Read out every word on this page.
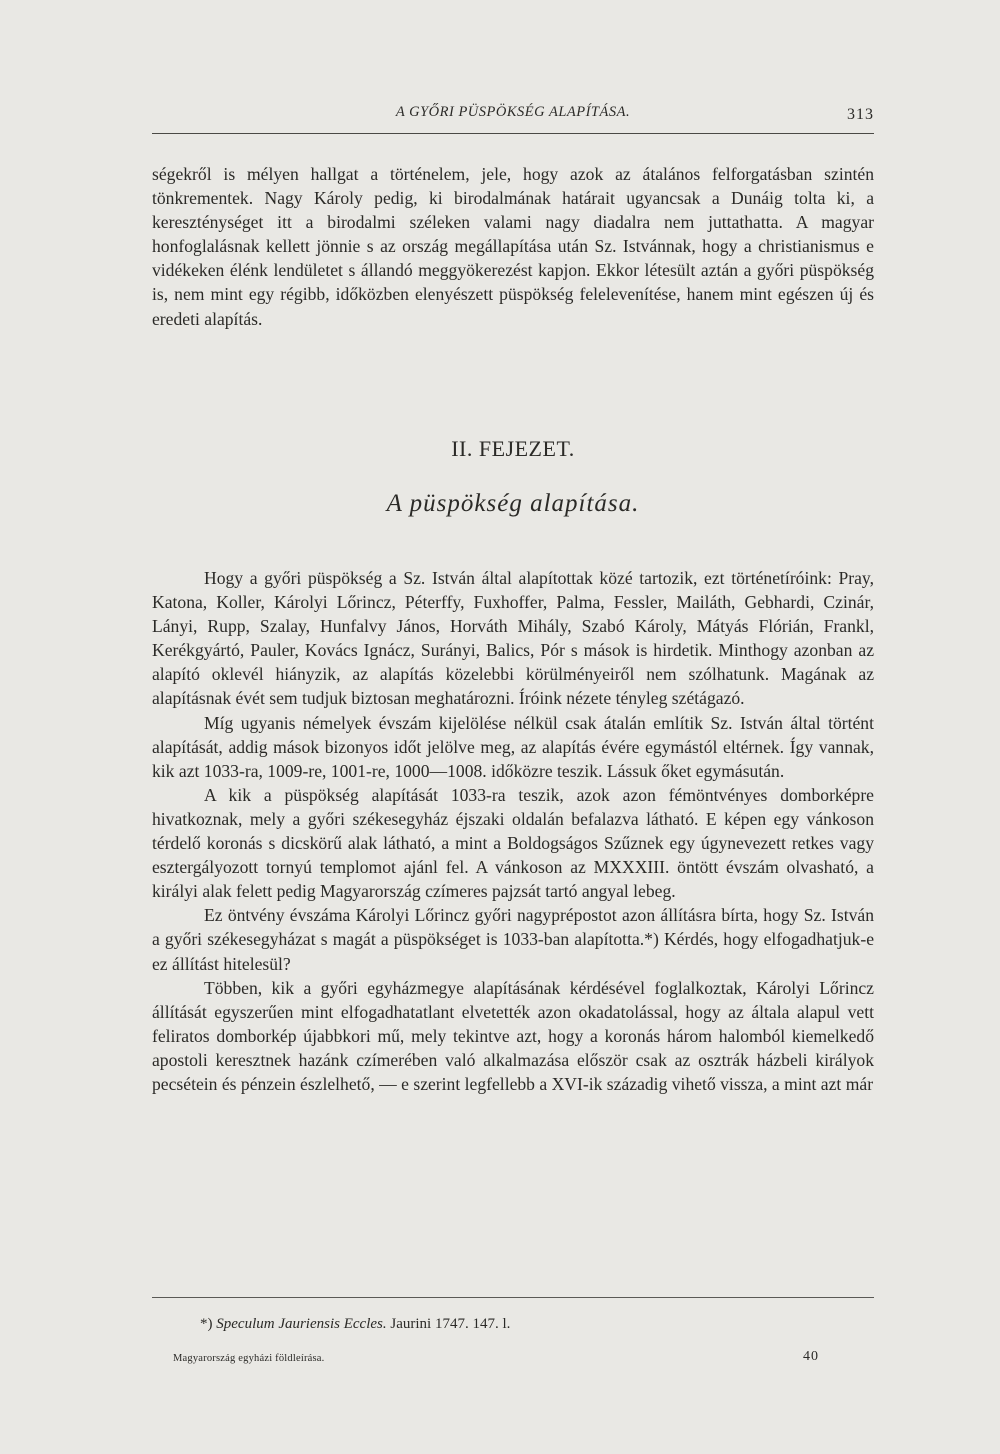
A GYŐRI PÜSPÖKSÉG ALAPÍTÁSA.	313

ségekről is mélyen hallgat a történelem, jele, hogy azok az átalános felforgatásban szintén tönkrementek. Nagy Károly pedig, ki birodalmának határait ugyancsak a Dunáig tolta ki, a kereszténységet itt a birodalmi széleken valami nagy diadalra nem juttathatta. A magyar honfoglalásnak kellett jönnie s az ország megállapítása után Sz. Istvánnak, hogy a christianismus e vidékeken élénk lendületet s állandó meggyökerezést kapjon. Ekkor létesült aztán a győri püspökség is, nem mint egy régibb, időközben elenyészett püspökség felelevenítése, hanem mint egészen új és eredeti alapítás.

II. FEJEZET.
A püspökség alapítása.

Hogy a győri püspökség a Sz. István által alapítottak közé tartozik, ezt történetíróink: Pray, Katona, Koller, Károlyi Lőrincz, Péterffy, Fuxhoffer, Palma, Fessler, Mailáth, Gebhardi, Czinár, Lányi, Rupp, Szalay, Hunfalvy János, Horváth Mihály, Szabó Károly, Mátyás Flórián, Frankl, Kerékgyártó, Pauler, Kovács Ignácz, Surányi, Balics, Pór s mások is hirdetik. Minthogy azonban az alapító oklevél hiányzik, az alapítás közelebbi körülményeiről nem szólhatunk. Magának az alapításnak évét sem tudjuk biztosan meghatározni. Íróink nézete tényleg szétágazó.

Míg ugyanis némelyek évszám kijelölése nélkül csak átalán említik Sz. István által történt alapítását, addig mások bizonyos időt jelölve meg, az alapítás évére egymástól eltérnek. Így vannak, kik azt 1033-ra, 1009-re, 1001-re, 1000—1008. időközre teszik. Lássuk őket egymásután.

A kik a püspökség alapítását 1033-ra teszik, azok azon fémöntvényes domborképre hivatkoznak, mely a győri székesegyház éjszaki oldalán befalazva látható. E képen egy vánkoson térdelő koronás s dicskörű alak látható, a mint a Boldogságos Szűznek egy úgynevezett retkes vagy esztergályozott tornyú templomot ajánl fel. A vánkoson az MXXXIII. öntött évszám olvasható, a királyi alak felett pedig Magyarország czímeres pajzsát tartó angyal lebeg.

Ez öntvény évszáma Károlyi Lőrincz győri nagyprépostot azon állításra bírta, hogy Sz. István a győri székesegyházat s magát a püspökséget is 1033-ban alapította.*) Kérdés, hogy elfogadhatjuk-e ez állítást hitelesül?

Többen, kik a győri egyházmegye alapításának kérdésével foglalkoztak, Károlyi Lőrincz állítását egyszerűen mint elfogadhatatlant elvetették azon okadatolással, hogy az általa alapul vett feliratos domborkép újabbkori mű, mely tekintve azt, hogy a koronás három halomból kiemelkedő apostoli keresztnek hazánk czímerében való alkalmazása először csak az osztrák házbeli királyok pecsétein és pénzein észlelhető, — e szerint legfellebb a XVI-ik századig vihető vissza, a mint azt már

*) Speculum Jauriensis Eccles. Jaurini 1747. 147. l.
Magyarország egyházi földleírása.	40
